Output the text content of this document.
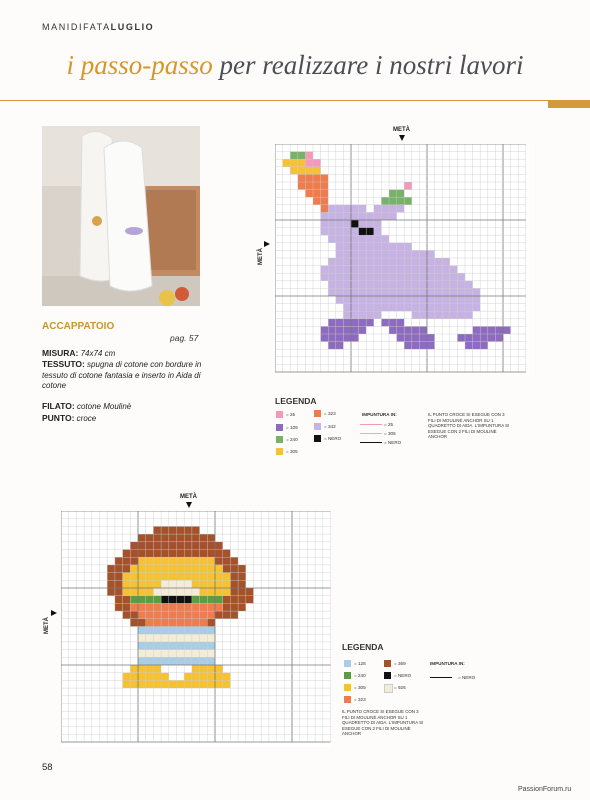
MANIDIFATALUGLIO
i passo-passo per realizzare i nostri lavori
ACCAPPATOIO
pag. 57
MISURA: 74x74 cm
TESSUTO: spugna di cotone con bordure in tessuto di cotone fantasia e inserto in Aida di cotone
FILATO: cotone Moulinè
PUNTO: croce
METÀ
METÀ
LEGENDA
= 25	= 323
= 109	= 342
= 240	= NERO
= 305
IMPUNTURA IN:
= 25
= 305
= NERO
IL PUNTO CROCE SI ESEGUE CON 3 FILI DI MOULINÈ ANCHOR SU 1 QUADRETTO DI AIDA. L'IMPUNTURA SI ESEGUE CON 2 FILI DI MOULINÈ ANCHOR
METÀ
METÀ
LEGENDA
= 128	= 369
= 240	= NERO
= 305	= 926
= 323
IMPUNTURA IN:
= NERO
IL PUNTO CROCE SI ESEGUE CON 3 FILI DI MOULINÈ ANCHOR SU 1 QUADRETTO DI AIDA. L'IMPUNTURA SI ESEGUE CON 2 FILI DI MOULINÈ ANCHOR
58
PassionForum.ru
